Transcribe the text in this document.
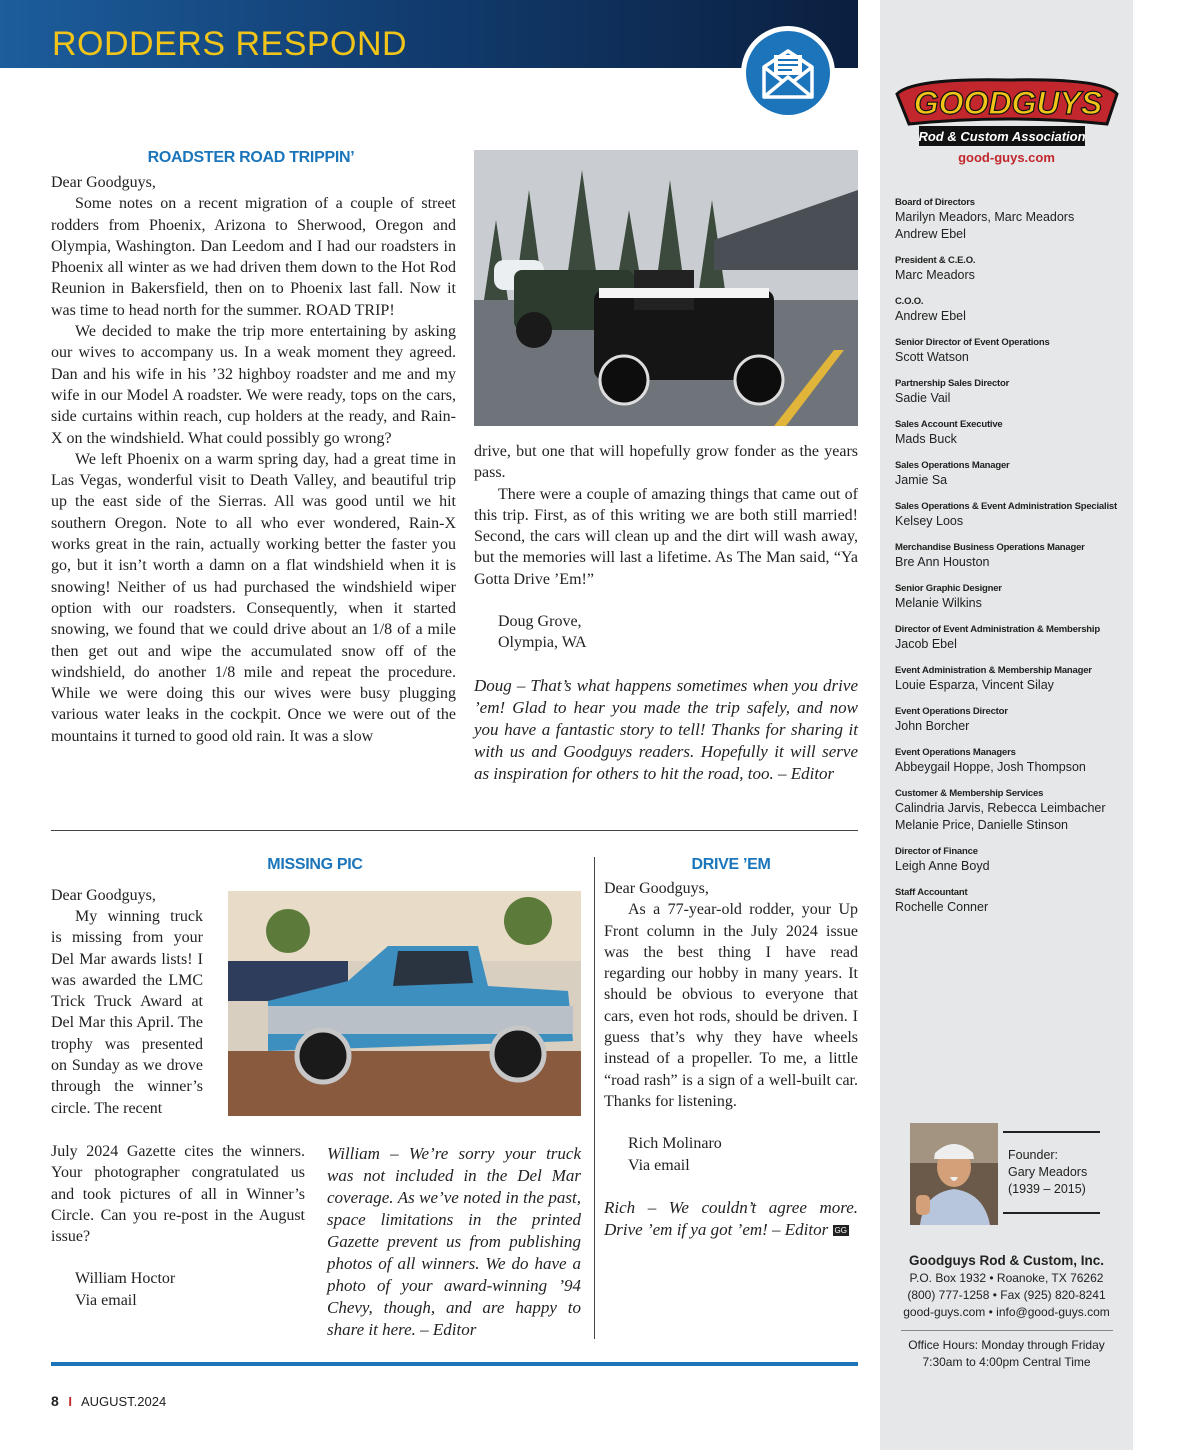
RODDERS RESPOND
GOODGUYS
Rod & Custom Association
good-guys.com
Board of Directors
Marilyn Meadors, Marc Meadors
Andrew Ebel
President & C.E.O.
Marc Meadors
C.O.O.
Andrew Ebel
Senior Director of Event Operations
Scott Watson
Partnership Sales Director
Sadie Vail
Sales Account Executive
Mads Buck
Sales Operations Manager
Jamie Sa
Sales Operations & Event Administration Specialist
Kelsey Loos
Merchandise Business Operations Manager
Bre Ann Houston
Senior Graphic Designer
Melanie Wilkins
Director of Event Administration & Membership
Jacob Ebel
Event Administration & Membership Manager
Louie Esparza, Vincent Silay
Event Operations Director
John Borcher
Event Operations Managers
Abbeygail Hoppe, Josh Thompson
Customer & Membership Services
Calindria Jarvis, Rebecca Leimbacher
Melanie Price, Danielle Stinson
Director of Finance
Leigh Anne Boyd
Staff Accountant
Rochelle Conner
Founder:
Gary Meadors
(1939 – 2015)
Goodguys Rod & Custom, Inc.
P.O. Box 1932 • Roanoke, TX 76262
(800) 777-1258 • Fax (925) 820-8241
good-guys.com • info@good-guys.com
Office Hours: Monday through Friday
7:30am to 4:00pm Central Time
ROADSTER ROAD TRIPPIN’

Dear Goodguys,

Some notes on a recent migration of a couple of street rodders from Phoenix, Arizona to Sherwood, Oregon and Olympia, Washington. Dan Leedom and I had our roadsters in Phoenix all winter as we had driven them down to the Hot Rod Reunion in Bakersfield, then on to Phoenix last fall. Now it was time to head north for the summer. ROAD TRIP!

We decided to make the trip more entertaining by asking our wives to accompany us. In a weak moment they agreed. Dan and his wife in his ’32 highboy roadster and me and my wife in our Model A roadster. We were ready, tops on the cars, side curtains within reach, cup holders at the ready, and Rain-X on the windshield. What could possibly go wrong?

We left Phoenix on a warm spring day, had a great time in Las Vegas, wonderful visit to Death Valley, and beautiful trip up the east side of the Sierras. All was good until we hit southern Oregon. Note to all who ever wondered, Rain-X works great in the rain, actually working better the faster you go, but it isn’t worth a damn on a flat windshield when it is snowing! Neither of us had purchased the windshield wiper option with our roadsters. Consequently, when it started snowing, we found that we could drive about an 1/8 of a mile then get out and wipe the accumulated snow off of the windshield, do another 1/8 mile and repeat the procedure. While we were doing this our wives were busy plugging various water leaks in the cockpit. Once we were out of the mountains it turned to good old rain. It was a slow

drive, but one that will hopefully grow fonder as the years pass.

There were a couple of amazing things that came out of this trip. First, as of this writing we are both still married! Second, the cars will clean up and the dirt will wash away, but the memories will last a lifetime. As The Man said, “Ya Gotta Drive ’Em!”

Doug Grove,

Olympia, WA

Doug – That’s what happens sometimes when you drive ’em! Glad to hear you made the trip safely, and now you have a fantastic story to tell! Thanks for sharing it with us and Goodguys readers. Hopefully it will serve as inspiration for others to hit the road, too. – Editor

MISSING PIC

Dear Goodguys,

My winning truck is missing from your Del Mar awards lists! I was awarded the LMC Trick Truck Award at Del Mar this April. The trophy was presented on Sunday as we drove through the winner’s circle. The recent

July 2024 Gazette cites the winners. Your photographer congratulated us and took pictures of all in Winner’s Circle. Can you re-post in the August issue?

William Hoctor

Via email

William – We’re sorry your truck was not included in the Del Mar coverage. As we’ve noted in the past, space limitations in the printed Gazette prevent us from publishing photos of all winners. We do have a photo of your award-winning ’94 Chevy, though, and are happy to share it here. – Editor
DRIVE ’EM

Dear Goodguys,

As a 77-year-old rodder, your Up Front column in the July 2024 issue was the best thing I have read regarding our hobby in many years. It should be obvious to everyone that cars, even hot rods, should be driven. I guess that’s why they have wheels instead of a propeller. To me, a little “road rash” is a sign of a well-built car. Thanks for listening.

Rich Molinaro

Via email

Rich – We couldn’t agree more. Drive ’em if ya got ’em! – Editor GG

8 I AUGUST.2024
